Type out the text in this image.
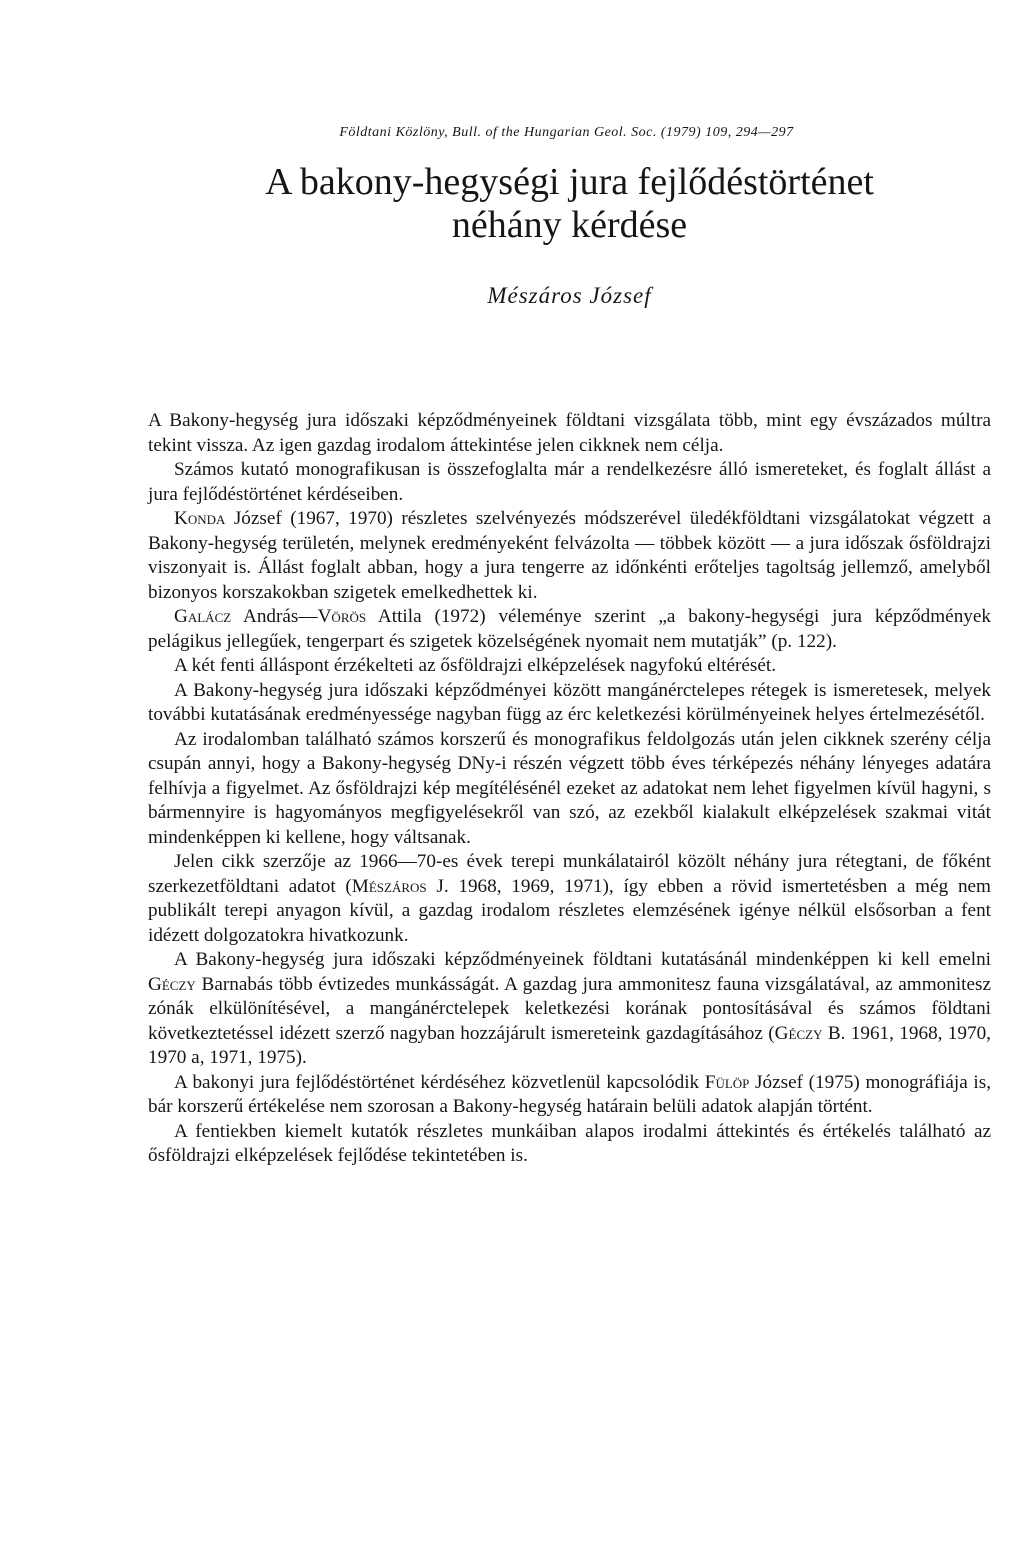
Földtani Közlöny, Bull. of the Hungarian Geol. Soc. (1979) 109, 294—297
A bakony-hegységi jura fejlődéstörténet
néhány kérdése
Mészáros József

A Bakony-hegység jura időszaki képződményeinek földtani vizsgálata több, mint egy évszázados múltra tekint vissza. Az igen gazdag irodalom áttekintése jelen cikknek nem célja.

Számos kutató monografikusan is összefoglalta már a rendelkezésre álló ismereteket, és foglalt állást a jura fejlődéstörténet kérdéseiben.

Konda József (1967, 1970) részletes szelvényezés módszerével üledékföldtani vizsgálatokat végzett a Bakony-hegység területén, melynek eredményeként felvázolta — többek között — a jura időszak ősföldrajzi viszonyait is. Állást foglalt abban, hogy a jura tengerre az időnkénti erőteljes tagoltság jellemző, amelyből bizonyos korszakokban szigetek emelkedhettek ki.

Galácz András—Vörös Attila (1972) véleménye szerint „a bakony-hegységi jura képződmények pelágikus jellegűek, tengerpart és szigetek közelségének nyomait nem mutatják” (p. 122).

A két fenti álláspont érzékelteti az ősföldrajzi elképzelések nagyfokú eltérését.

A Bakony-hegység jura időszaki képződményei között mangánérctelepes rétegek is ismeretesek, melyek további kutatásának eredményessége nagyban függ az érc keletkezési körülményeinek helyes értelmezésétől.

Az irodalomban található számos korszerű és monografikus feldolgozás után jelen cikknek szerény célja csupán annyi, hogy a Bakony-hegység DNy-i részén végzett több éves térképezés néhány lényeges adatára felhívja a figyelmet. Az ősföldrajzi kép megítélésénél ezeket az adatokat nem lehet figyelmen kívül hagyni, s bármennyire is hagyományos megfigyelésekről van szó, az ezekből kialakult elképzelések szakmai vitát mindenképpen ki kellene, hogy váltsanak.

Jelen cikk szerzője az 1966—70-es évek terepi munkálatairól közölt néhány jura rétegtani, de főként szerkezetföldtani adatot (Mészáros J. 1968, 1969, 1971), így ebben a rövid ismertetésben a még nem publikált terepi anyagon kívül, a gazdag irodalom részletes elemzésének igénye nélkül elsősorban a fent idézett dolgozatokra hivatkozunk.

A Bakony-hegység jura időszaki képződményeinek földtani kutatásánál mindenképpen ki kell emelni Géczy Barnabás több évtizedes munkásságát. A gazdag jura ammonitesz fauna vizsgálatával, az ammonitesz zónák elkülönítésével, a mangánérctelepek keletkezési korának pontosításával és számos földtani következtetéssel idézett szerző nagyban hozzájárult ismereteink gazdagításához (Géczy B. 1961, 1968, 1970, 1970 a, 1971, 1975).

A bakonyi jura fejlődéstörténet kérdéséhez közvetlenül kapcsolódik Fülöp József (1975) monográfiája is, bár korszerű értékelése nem szorosan a Bakony-hegység határain belüli adatok alapján történt.

A fentiekben kiemelt kutatók részletes munkáiban alapos irodalmi áttekintés és értékelés található az ősföldrajzi elképzelések fejlődése tekintetében is.
